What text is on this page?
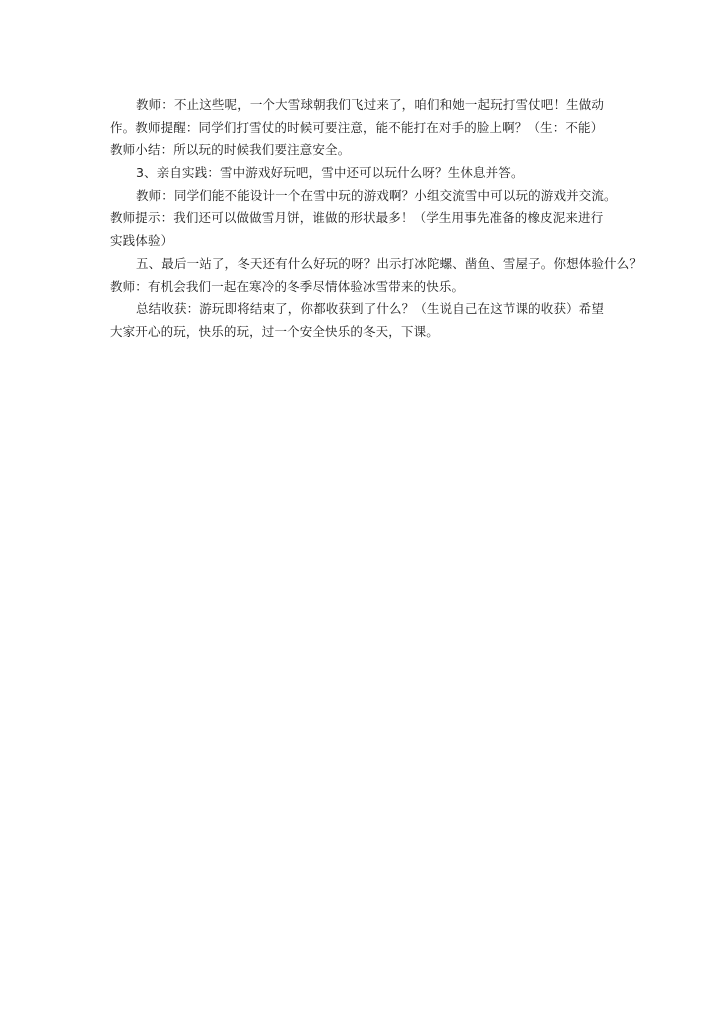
教师：不止这些呢，一个大雪球朝我们飞过来了，咱们和她一起玩打雪仗吧！生做动
作。教师提醒：同学们打雪仗的时候可要注意，能不能打在对手的脸上啊？（生：不能）
教师小结：所以玩的时候我们要注意安全。
3、亲自实践：雪中游戏好玩吧，雪中还可以玩什么呀？生休息并答。
教师：同学们能不能设计一个在雪中玩的游戏啊？小组交流雪中可以玩的游戏并交流。
教师提示：我们还可以做做雪月饼，谁做的形状最多！（学生用事先准备的橡皮泥来进行
实践体验）
五、最后一站了，冬天还有什么好玩的呀？出示打冰陀螺、凿鱼、雪屋子。你想体验什么？
教师：有机会我们一起在寒冷的冬季尽情体验冰雪带来的快乐。
总结收获：游玩即将结束了，你都收获到了什么？（生说自己在这节课的收获）希望
大家开心的玩，快乐的玩，过一个安全快乐的冬天，下课。
